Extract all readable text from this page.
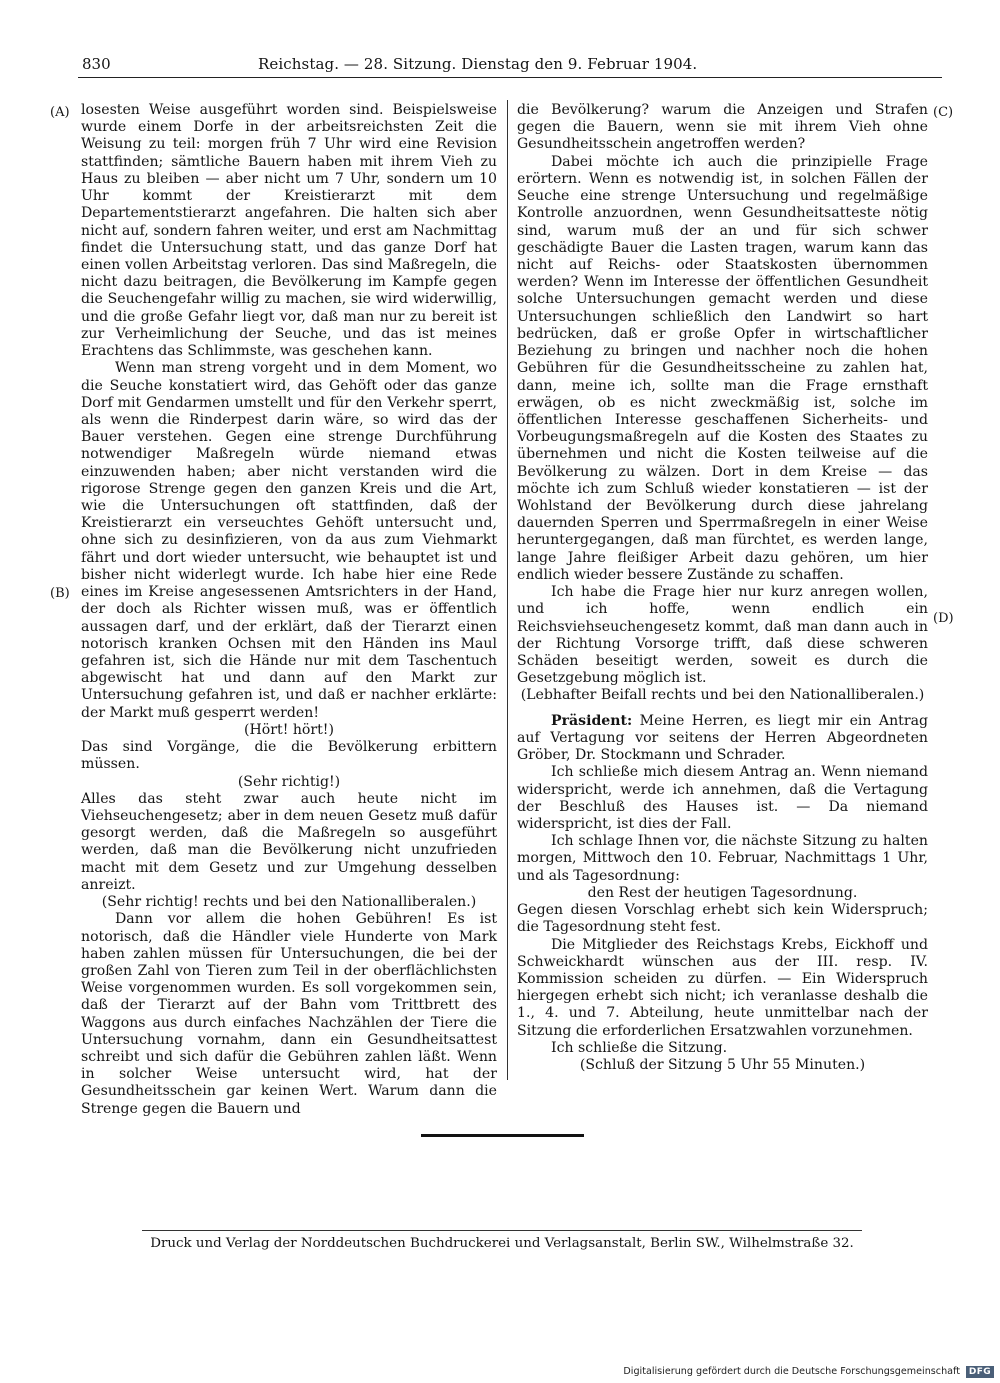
830	Reichstag. — 28. Sitzung. Dienstag den 9. Februar 1904.
(A)
(B)
(C)
(D)

losesten Weise ausgeführt worden sind. Beispielsweise wurde einem Dorfe in der arbeitsreichsten Zeit die Weisung zu teil: morgen früh 7 Uhr wird eine Revision stattfinden; sämtliche Bauern haben mit ihrem Vieh zu Haus zu bleiben — aber nicht um 7 Uhr, sondern um 10 Uhr kommt der Kreistierarzt mit dem Departementstierarzt angefahren. Die halten sich aber nicht auf, sondern fahren weiter, und erst am Nachmittag findet die Untersuchung statt, und das ganze Dorf hat einen vollen Arbeitstag verloren. Das sind Maßregeln, die nicht dazu beitragen, die Bevölkerung im Kampfe gegen die Seuchengefahr willig zu machen, sie wird widerwillig, und die große Gefahr liegt vor, daß man nur zu bereit ist zur Verheimlichung der Seuche, und das ist meines Erachtens das Schlimmste, was geschehen kann.

Wenn man streng vorgeht und in dem Moment, wo die Seuche konstatiert wird, das Gehöft oder das ganze Dorf mit Gendarmen umstellt und für den Verkehr sperrt, als wenn die Rinderpest darin wäre, so wird das der Bauer verstehen. Gegen eine strenge Durchführung notwendiger Maßregeln würde niemand etwas einzuwenden haben; aber nicht verstanden wird die rigorose Strenge gegen den ganzen Kreis und die Art, wie die Untersuchungen oft stattfinden, daß der Kreistierarzt ein verseuchtes Gehöft untersucht und, ohne sich zu desinfizieren, von da aus zum Viehmarkt fährt und dort wieder untersucht, wie behauptet ist und bisher nicht widerlegt wurde. Ich habe hier eine Rede eines im Kreise angesessenen Amtsrichters in der Hand, der doch als Richter wissen muß, was er öffentlich aussagen darf, und der erklärt, daß der Tierarzt einen notorisch kranken Ochsen mit den Händen ins Maul gefahren ist, sich die Hände nur mit dem Taschentuch abgewischt hat und dann auf den Markt zur Untersuchung gefahren ist, und daß er nachher erklärte: der Markt muß gesperrt werden!

(Hört! hört!)

Das sind Vorgänge, die die Bevölkerung erbittern müssen.

(Sehr richtig!)

Alles das steht zwar auch heute nicht im Viehseuchengesetz; aber in dem neuen Gesetz muß dafür gesorgt werden, daß die Maßregeln so ausgeführt werden, daß man die Bevölkerung nicht unzufrieden macht mit dem Gesetz und zur Umgehung desselben anreizt.

(Sehr richtig! rechts und bei den Nationalliberalen.)

Dann vor allem die hohen Gebühren! Es ist notorisch, daß die Händler viele Hunderte von Mark haben zahlen müssen für Untersuchungen, die bei der großen Zahl von Tieren zum Teil in der oberflächlichsten Weise vorgenommen wurden. Es soll vorgekommen sein, daß der Tierarzt auf der Bahn vom Trittbrett des Waggons aus durch einfaches Nachzählen der Tiere die Untersuchung vornahm, dann ein Gesundheitsattest schreibt und sich dafür die Gebühren zahlen läßt. Wenn in solcher Weise untersucht wird, hat der Gesundheitsschein gar keinen Wert. Warum dann die Strenge gegen die Bauern und

die Bevölkerung? warum die Anzeigen und Strafen gegen die Bauern, wenn sie mit ihrem Vieh ohne Gesundheitsschein angetroffen werden?

Dabei möchte ich auch die prinzipielle Frage erörtern. Wenn es notwendig ist, in solchen Fällen der Seuche eine strenge Untersuchung und regelmäßige Kontrolle anzuordnen, wenn Gesundheitsatteste nötig sind, warum muß der an und für sich schwer geschädigte Bauer die Lasten tragen, warum kann das nicht auf Reichs- oder Staatskosten übernommen werden? Wenn im Interesse der öffentlichen Gesundheit solche Untersuchungen gemacht werden und diese Untersuchungen schließlich den Landwirt so hart bedrücken, daß er große Opfer in wirtschaftlicher Beziehung zu bringen und nachher noch die hohen Gebühren für die Gesundheitsscheine zu zahlen hat, dann, meine ich, sollte man die Frage ernsthaft erwägen, ob es nicht zweckmäßig ist, solche im öffentlichen Interesse geschaffenen Sicherheits- und Vorbeugungsmaßregeln auf die Kosten des Staates zu übernehmen und nicht die Kosten teilweise auf die Bevölkerung zu wälzen. Dort in dem Kreise — das möchte ich zum Schluß wieder konstatieren — ist der Wohlstand der Bevölkerung durch diese jahrelang dauernden Sperren und Sperrmaßregeln in einer Weise heruntergegangen, daß man fürchtet, es werden lange, lange Jahre fleißiger Arbeit dazu gehören, um hier endlich wieder bessere Zustände zu schaffen.

Ich habe die Frage hier nur kurz anregen wollen, und ich hoffe, wenn endlich ein Reichsviehseuchengesetz kommt, daß man dann auch in der Richtung Vorsorge trifft, daß diese schweren Schäden beseitigt werden, soweit es durch die Gesetzgebung möglich ist.

(Lebhafter Beifall rechts und bei den Nationalliberalen.)

Präsident: Meine Herren, es liegt mir ein Antrag auf Vertagung vor seitens der Herren Abgeordneten Gröber, Dr. Stockmann und Schrader.

Ich schließe mich diesem Antrag an. Wenn niemand widerspricht, werde ich annehmen, daß die Vertagung der Beschluß des Hauses ist. — Da niemand widerspricht, ist dies der Fall.

Ich schlage Ihnen vor, die nächste Sitzung zu halten morgen, Mittwoch den 10. Februar, Nachmittags 1 Uhr, und als Tagesordnung:

den Rest der heutigen Tagesordnung.

Gegen diesen Vorschlag erhebt sich kein Widerspruch; die Tagesordnung steht fest.

Die Mitglieder des Reichstags Krebs, Eickhoff und Schweickhardt wünschen aus der III. resp. IV. Kommission scheiden zu dürfen. — Ein Widerspruch hiergegen erhebt sich nicht; ich veranlasse deshalb die 1., 4. und 7. Abteilung, heute unmittelbar nach der Sitzung die erforderlichen Ersatzwahlen vorzunehmen.

Ich schließe die Sitzung.

(Schluß der Sitzung 5 Uhr 55 Minuten.)

Druck und Verlag der Norddeutschen Buchdruckerei und Verlagsanstalt, Berlin SW., Wilhelmstraße 32.
Digitalisierung gefördert durch die Deutsche Forschungsgemeinschaft DFG
